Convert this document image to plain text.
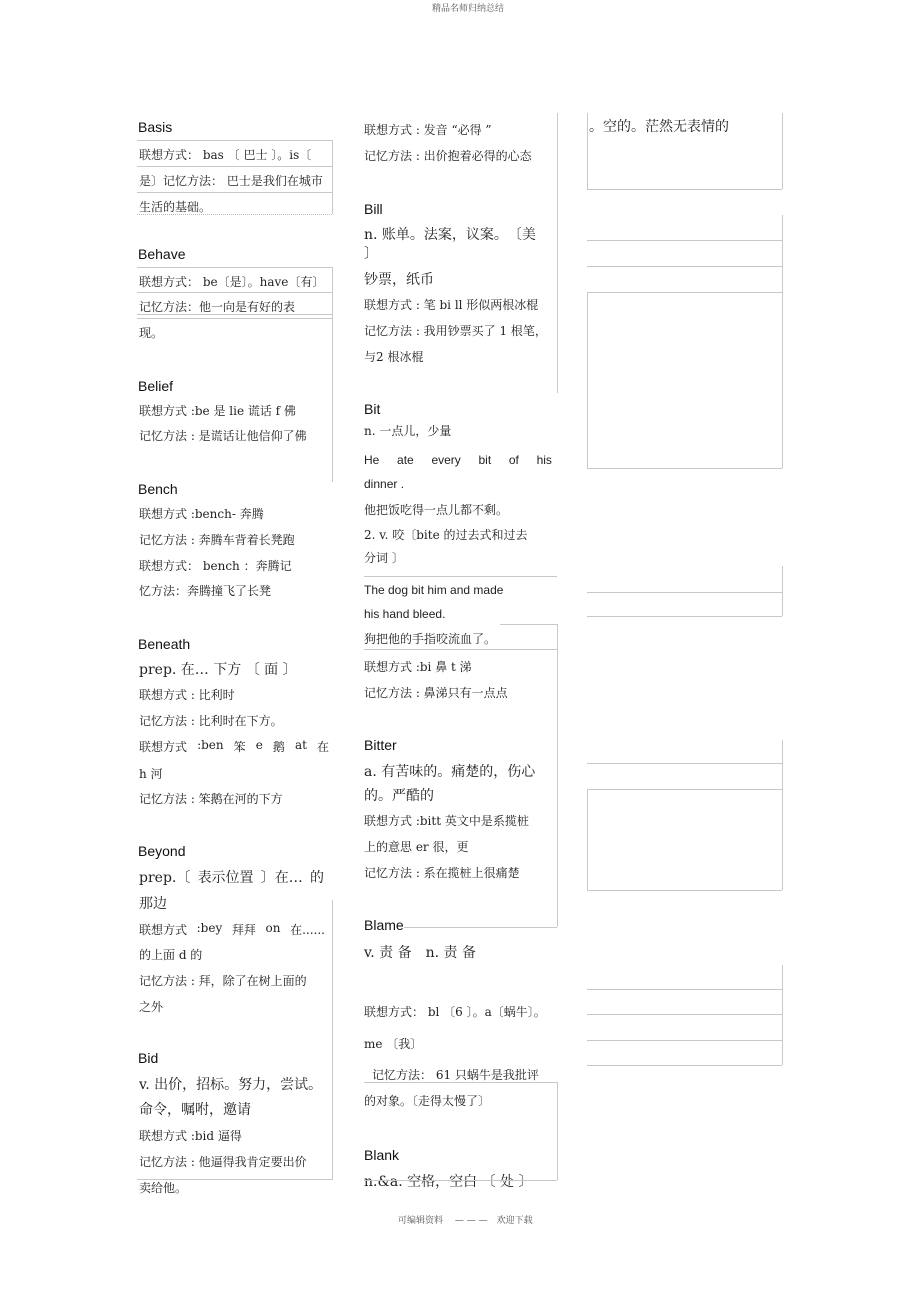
精品名师归纳总结
Basis
联想方式： bas 〔 巴士 〕。is〔
是〕记忆方法： 巴士是我们在城市
生活的基础。
Behave
联想方式： be〔是〕。have〔有〕
记忆方法：他一向是有好的表
现。
Belief
联想方式 :be 是 lie 谎话 f 佛
记忆方法 : 是谎话让他信仰了佛
Bench
联想方式 :bench- 奔腾
记忆方法 : 奔腾车背着长凳跑
联想方式： bench ：奔腾记
忆方法：奔腾撞飞了长凳
Beneath
prep. 在… 下方 〔 面 〕
联想方式 : 比利时
记忆方法 : 比利时在下方。
联想方式 :ben 笨 e 鹅 at 在
h 河
记忆方法 : 笨鹅在河的下方
Beyond
prep.〔 表示位置 〕在… 的
那边
联想方式 :bey 拜拜 on 在......
的上面 d 的
记忆方法 : 拜，除了在树上面的
之外
Bid
v. 出价，招标。努力，尝试。
命令，嘱咐，邀请
联想方式 :bid 逼得
记忆方法 : 他逼得我肯定要出价
卖给他。
联想方式 : 发音 “必得 ”
记忆方法 : 出价抱着必得的心态
Bill
n. 账单。法案，议案。　〔美
〕
钞票，纸币
联想方式 : 笔 bi ll 形似两根冰棍
记忆方法 : 我用钞票买了 1 根笔，
与2 根冰棍
Bit
n. 一点儿，少量
He ate every bit of his
dinner .
他把饭吃得一点儿都不剩。
2. v. 咬〔bite 的过去式和过去
分词 〕
The dog bit him and made
his hand bleed.
狗把他的手指咬流血了。
联想方式 :bi 鼻 t 涕
记忆方法 : 鼻涕只有一点点
Bitter
a. 有苦味的。痛楚的，伤心
的。严酷的
联想方式 :bitt 英文中是系揽桩
上的意思 er 很，更
记忆方法 : 系在揽桩上很痛楚
Blame
v. 责 备　n. 责 备
联想方式： bl 〔6 〕。a〔蜗牛〕。
me 〔我〕
记忆方法： 61 只蜗牛是我批评
的对象。〔走得太慢了〕
Blank
n.&a. 空格，空白 〔 处 〕
。空的。茫然无表情的
可编辑资料　 — — —　欢迎下载
